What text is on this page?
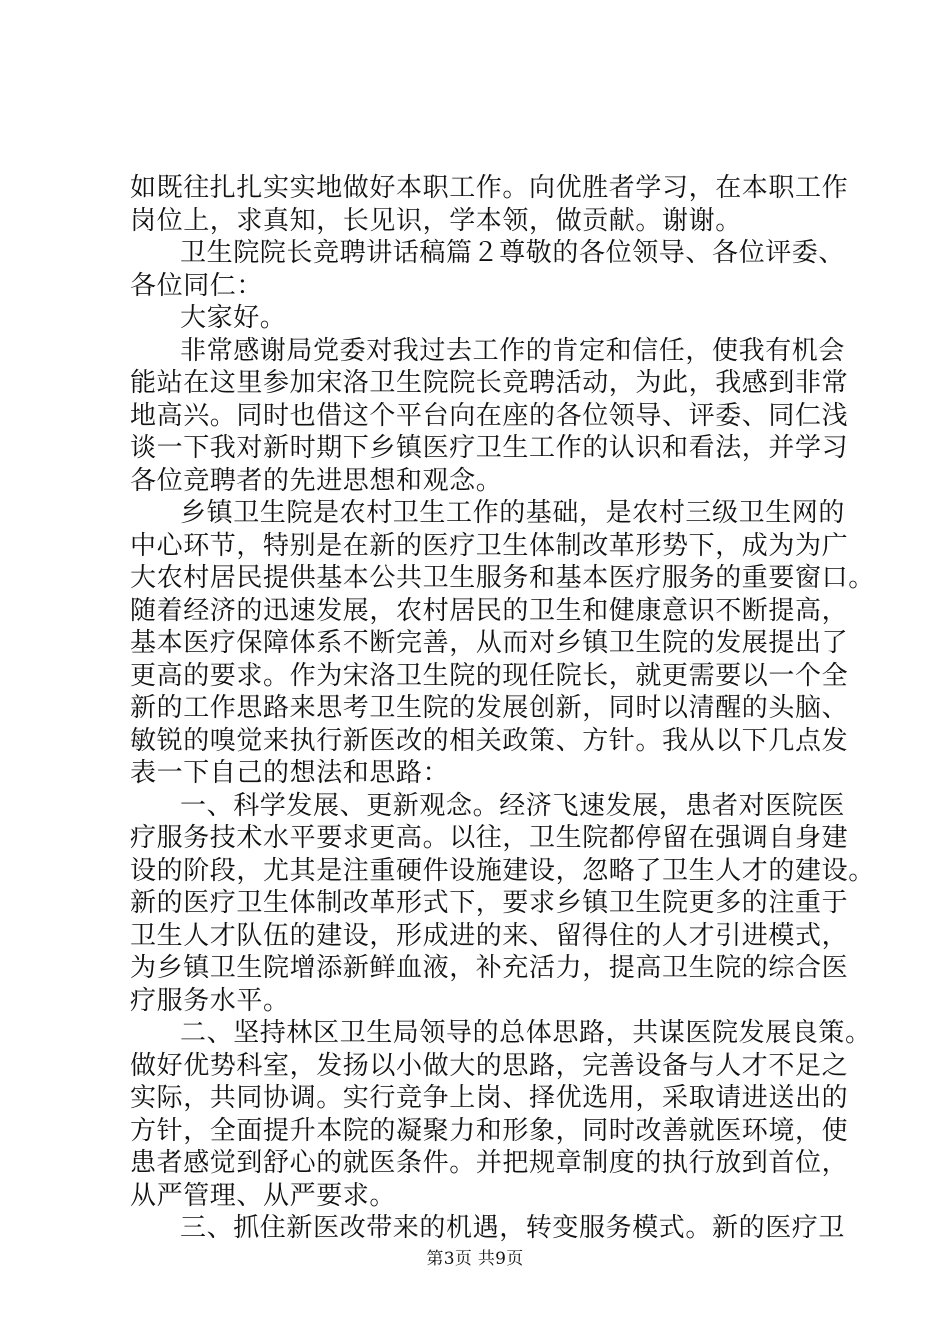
如既往扎扎实实地做好本职工作。向优胜者学习，在本职工作
岗位上，求真知，长见识，学本领，做贡献。谢谢。
卫生院院长竞聘讲话稿篇２尊敬的各位领导、各位评委、
各位同仁：
大家好。
非常感谢局党委对我过去工作的肯定和信任，使我有机会
能站在这里参加宋洛卫生院院长竞聘活动，为此，我感到非常
地高兴。同时也借这个平台向在座的各位领导、评委、同仁浅
谈一下我对新时期下乡镇医疗卫生工作的认识和看法，并学习
各位竞聘者的先进思想和观念。
乡镇卫生院是农村卫生工作的基础，是农村三级卫生网的
中心环节，特别是在新的医疗卫生体制改革形势下，成为为广
大农村居民提供基本公共卫生服务和基本医疗服务的重要窗口。
随着经济的迅速发展，农村居民的卫生和健康意识不断提高，
基本医疗保障体系不断完善，从而对乡镇卫生院的发展提出了
更高的要求。作为宋洛卫生院的现任院长，就更需要以一个全
新的工作思路来思考卫生院的发展创新，同时以清醒的头脑、
敏锐的嗅觉来执行新医改的相关政策、方针。我从以下几点发
表一下自己的想法和思路：
一、科学发展、更新观念。经济飞速发展，患者对医院医
疗服务技术水平要求更高。以往，卫生院都停留在强调自身建
设的阶段，尤其是注重硬件设施建设，忽略了卫生人才的建设。
新的医疗卫生体制改革形式下，要求乡镇卫生院更多的注重于
卫生人才队伍的建设，形成进的来、留得住的人才引进模式，
为乡镇卫生院增添新鲜血液，补充活力，提高卫生院的综合医
疗服务水平。
二、坚持林区卫生局领导的总体思路，共谋医院发展良策。
做好优势科室，发扬以小做大的思路，完善设备与人才不足之
实际，共同协调。实行竞争上岗、择优选用，采取请进送出的
方针，全面提升本院的凝聚力和形象，同时改善就医环境，使
患者感觉到舒心的就医条件。并把规章制度的执行放到首位，
从严管理、从严要求。
三、抓住新医改带来的机遇，转变服务模式。新的医疗卫
第3页 共9页
